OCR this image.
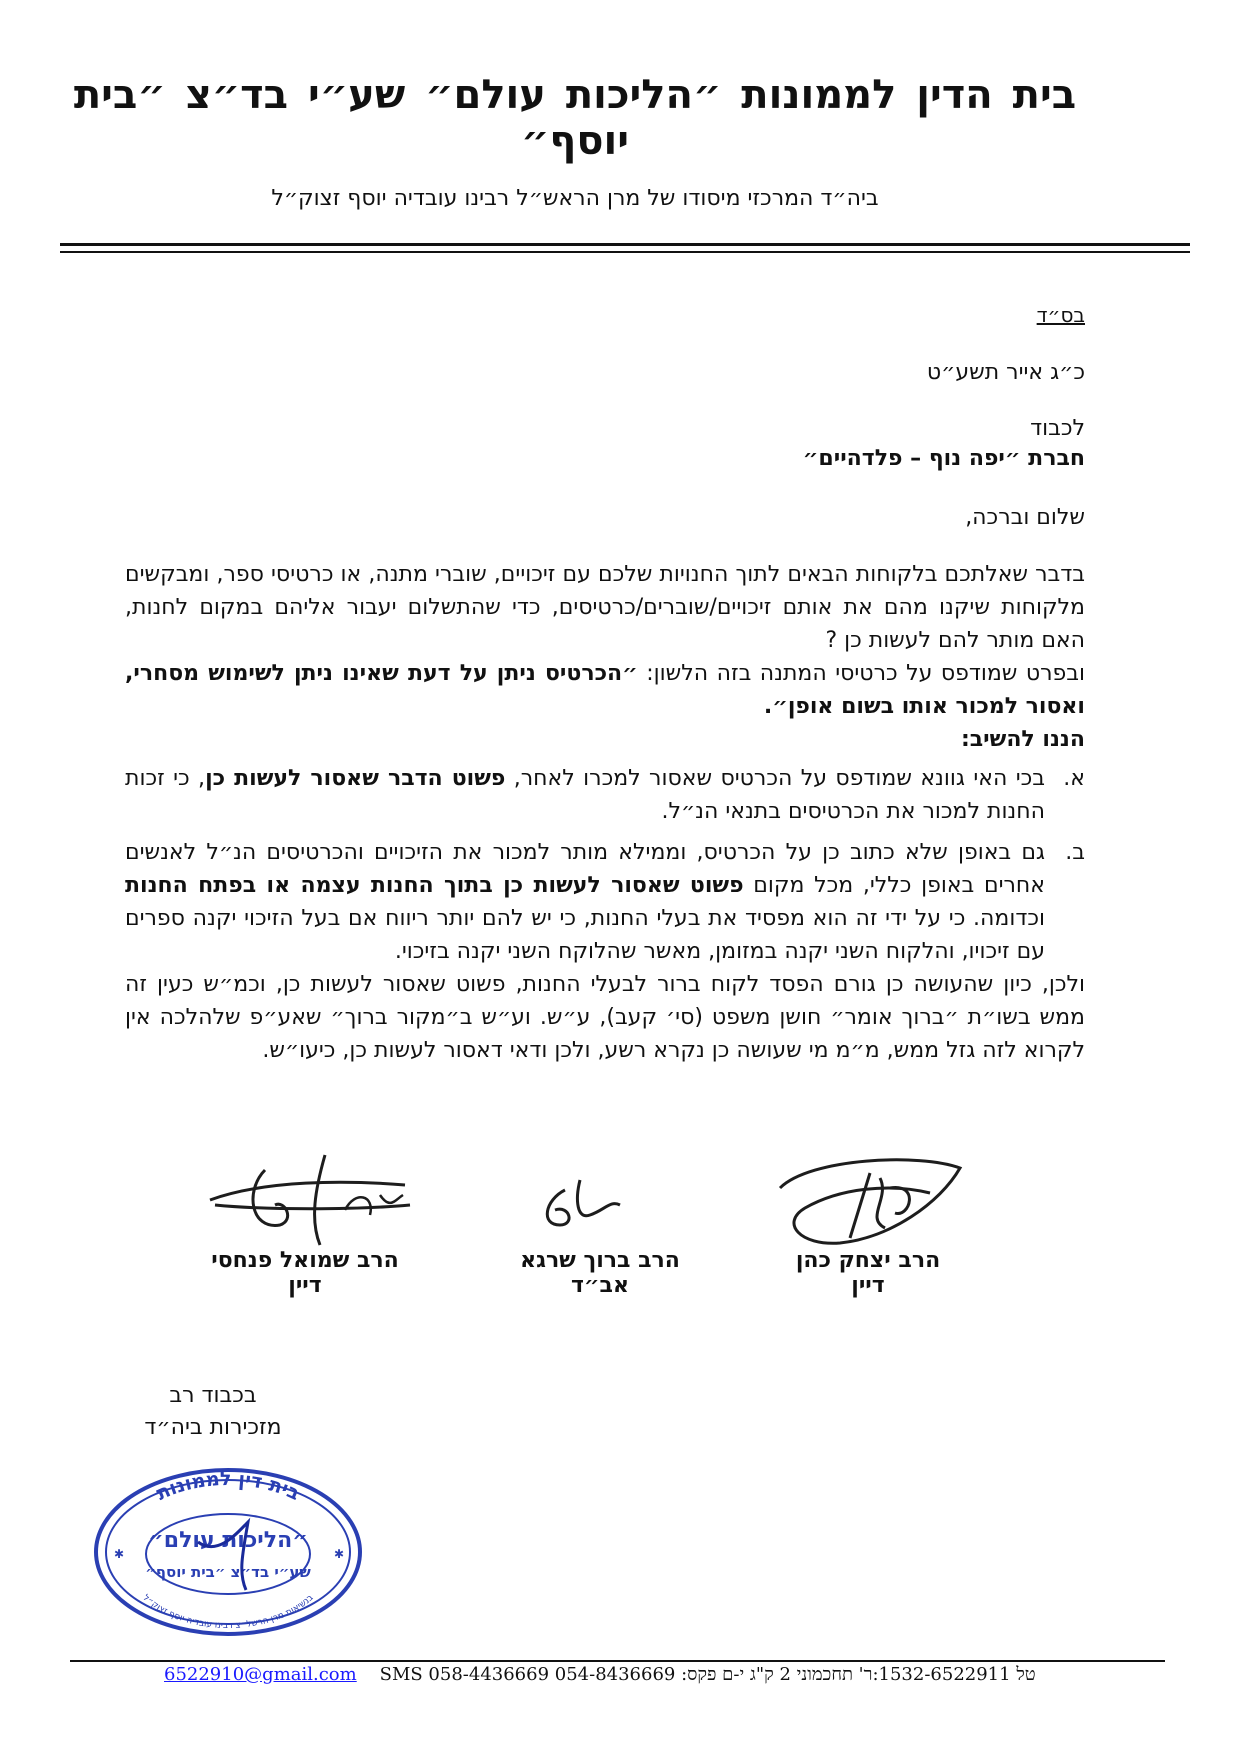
בית הדין לממונות ״הליכות עולם״ שע״י בד״צ ״בית יוסף״
ביה״ד המרכזי מיסודו של מרן הראש״ל רבינו עובדיה יוסף זצוק״ל
בס״ד
כ״ג אייר תשע״ט
לכבוד
חברת ״יפה נוף – פלדהיים״
שלום וברכה,

בדבר שאלתכם בלקוחות הבאים לתוך החנויות שלכם עם זיכויים, שוברי מתנה, או כרטיסי ספר, ומבקשים מלקוחות שיקנו מהם את אותם זיכויים/שוברים/כרטיסים, כדי שהתשלום יעבור אליהם במקום לחנות, האם מותר להם לעשות כן ?

ובפרט שמודפס על כרטיסי המתנה בזה הלשון: ״הכרטיס ניתן על דעת שאינו ניתן לשימוש מסחרי, ואסור למכור אותו בשום אופן״.

הננו להשיב:

א.
בכי האי גוונא שמודפס על הכרטיס שאסור למכרו לאחר, פשוט הדבר שאסור לעשות כן, כי זכות החנות למכור את הכרטיסים בתנאי הנ״ל.
ב.
גם באופן שלא כתוב כן על הכרטיס, וממילא מותר למכור את הזיכויים והכרטיסים הנ״ל לאנשים אחרים באופן כללי, מכל מקום פשוט שאסור לעשות כן בתוך החנות עצמה או בפתח החנות וכדומה. כי על ידי זה הוא מפסיד את בעלי החנות, כי יש להם יותר ריווח אם בעל הזיכוי יקנה ספרים עם זיכויו, והלקוח השני יקנה במזומן, מאשר שהלוקח השני יקנה בזיכוי.

ולכן, כיון שהעושה כן גורם הפסד לקוח ברור לבעלי החנות, פשוט שאסור לעשות כן, וכמ״ש כעין זה ממש בשו״ת ״ברוך אומר״ חושן משפט (סי׳ קעב), ע״ש. וע״ש ב״מקור ברוך״ שאע״פ שלהלכה אין לקרוא לזה גזל ממש, מ״מ מי שעושה כן נקרא רשע, ולכן ודאי דאסור לעשות כן, כיעו״ש.

הרב יצחק כהן
דיין
הרב ברוך שרגא
אב״ד
הרב שמואל פנחסי
דיין
בכבוד רב
מזכירות ביה״ד
בית דין לממונות
״הליכות עולם״
שע״י בד״צ ״בית יוסף״
בנשיאות מרן הרשל״צ רבינו עובדיה יוסף זצוק״ל
✱	✱
6522910@gmail.com SMS 058-4436669 054-8436669 :טל 1532-6522911:ר' תחכמוני 2 ק"ג י-ם פקס
